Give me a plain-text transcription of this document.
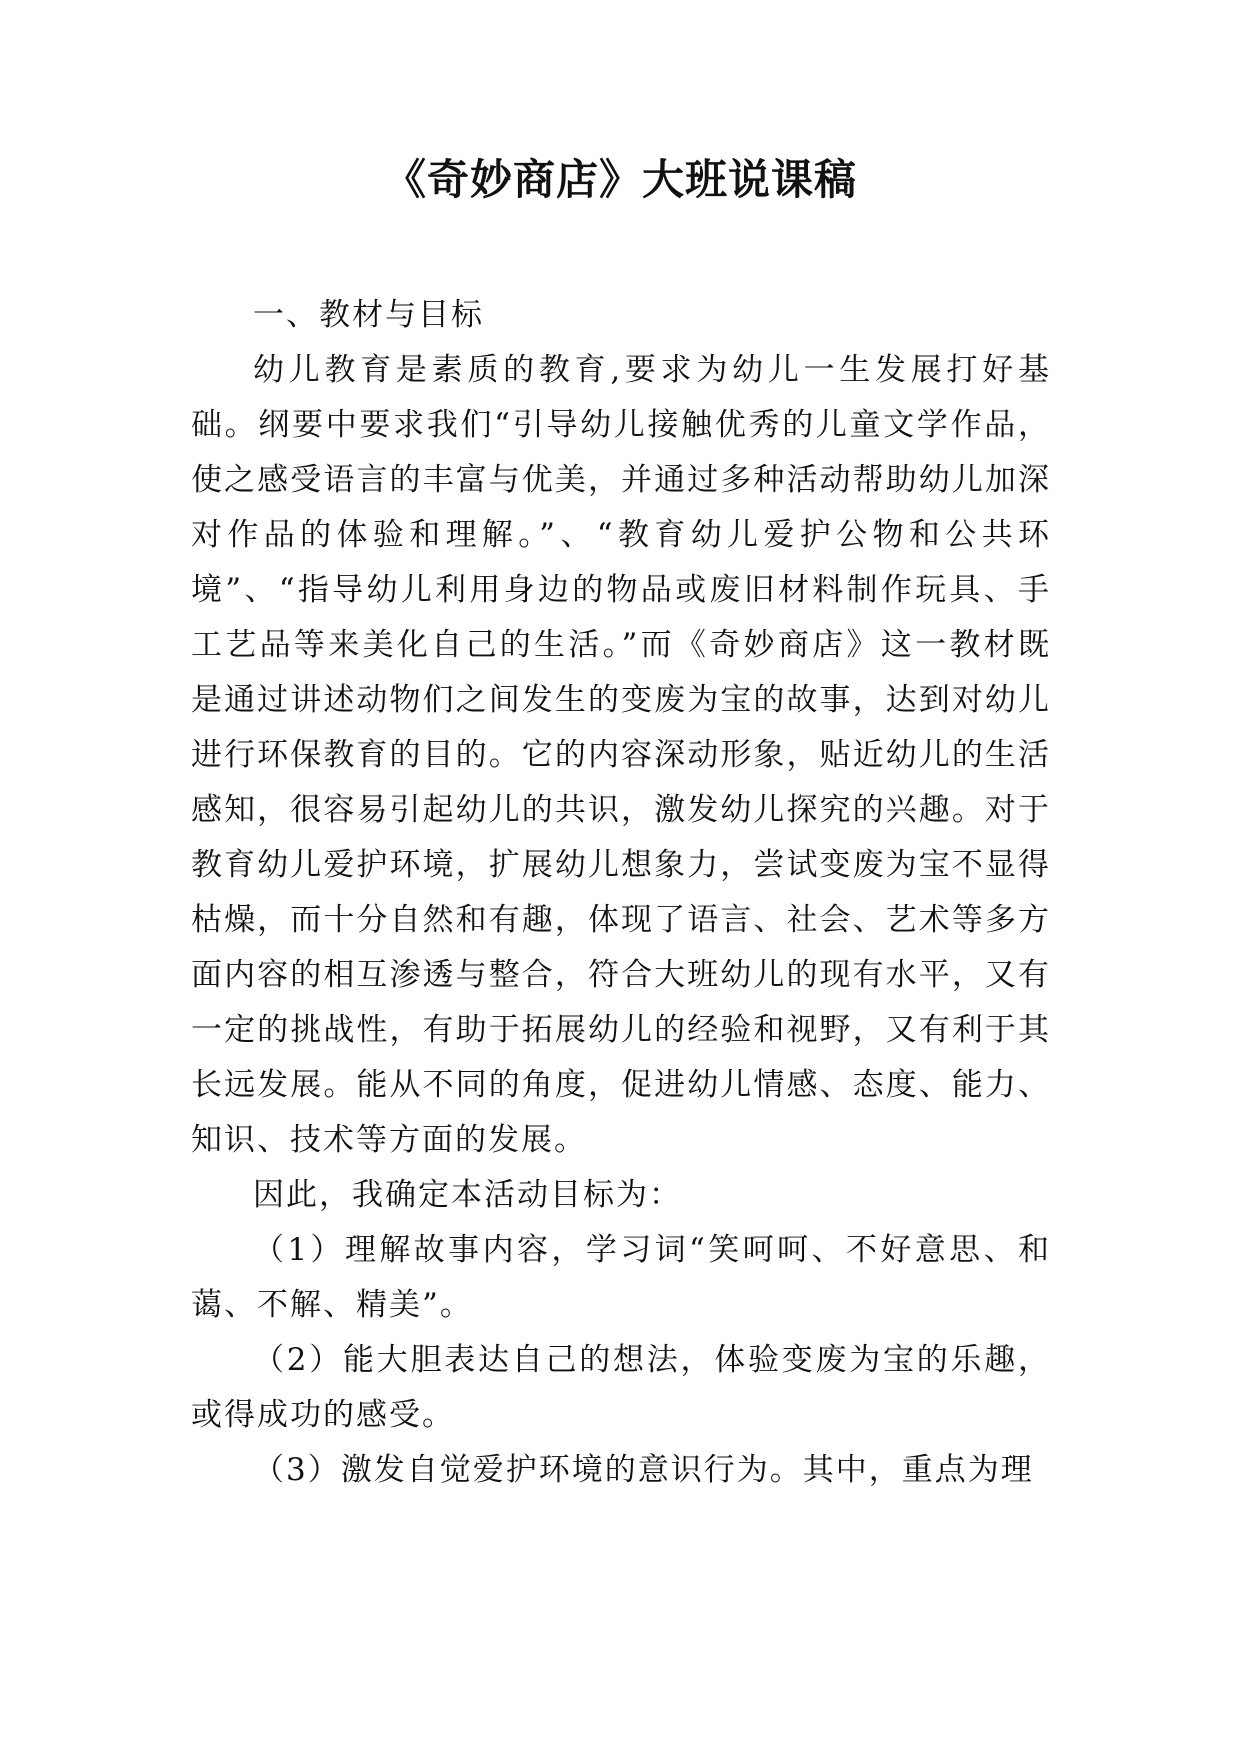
《奇妙商店》大班说课稿

一、教材与目标

幼儿教育是素质的教育,要求为幼儿一生发展打好基础。纲要中要求我们“引导幼儿接触优秀的儿童文学作品，使之感受语言的丰富与优美，并通过多种活动帮助幼儿加深对作品的体验和理解。”、“教育幼儿爱护公物和公共环境”、“指导幼儿利用身边的物品或废旧材料制作玩具、手工艺品等来美化自己的生活。”而《奇妙商店》这一教材既是通过讲述动物们之间发生的变废为宝的故事，达到对幼儿进行环保教育的目的。它的内容深动形象，贴近幼儿的生活感知，很容易引起幼儿的共识，激发幼儿探究的兴趣。对于教育幼儿爱护环境，扩展幼儿想象力，尝试变废为宝不显得枯燥，而十分自然和有趣，体现了语言、社会、艺术等多方面内容的相互渗透与整合，符合大班幼儿的现有水平，又有一定的挑战性，有助于拓展幼儿的经验和视野，又有利于其长远发展。能从不同的角度，促进幼儿情感、态度、能力、知识、技术等方面的发展。

因此，我确定本活动目标为：

（1）理解故事内容，学习词“笑呵呵、不好意思、和蔼、不解、精美”。

（2）能大胆表达自己的想法，体验变废为宝的乐趣，或得成功的感受。

（3）激发自觉爱护环境的意识行为。其中，重点为理
